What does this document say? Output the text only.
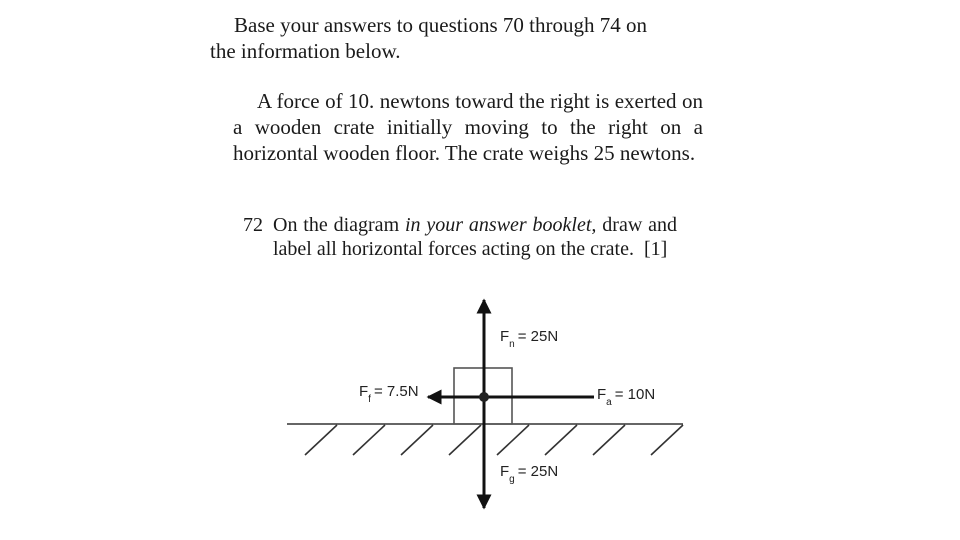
Base your answers to questions 70 through 74 on
the information below.

A force of 10. newtons toward the right is exerted on a wooden crate initially moving to the right on a horizontal wooden floor. The crate weighs 25 newtons.

72 On the diagram in your answer booklet, draw and label all horizontal forces acting on the crate. [1]
$F_n = 25N$
$F_f = 7.5N$	$F_a = 10N$
$F_g = 25N$
